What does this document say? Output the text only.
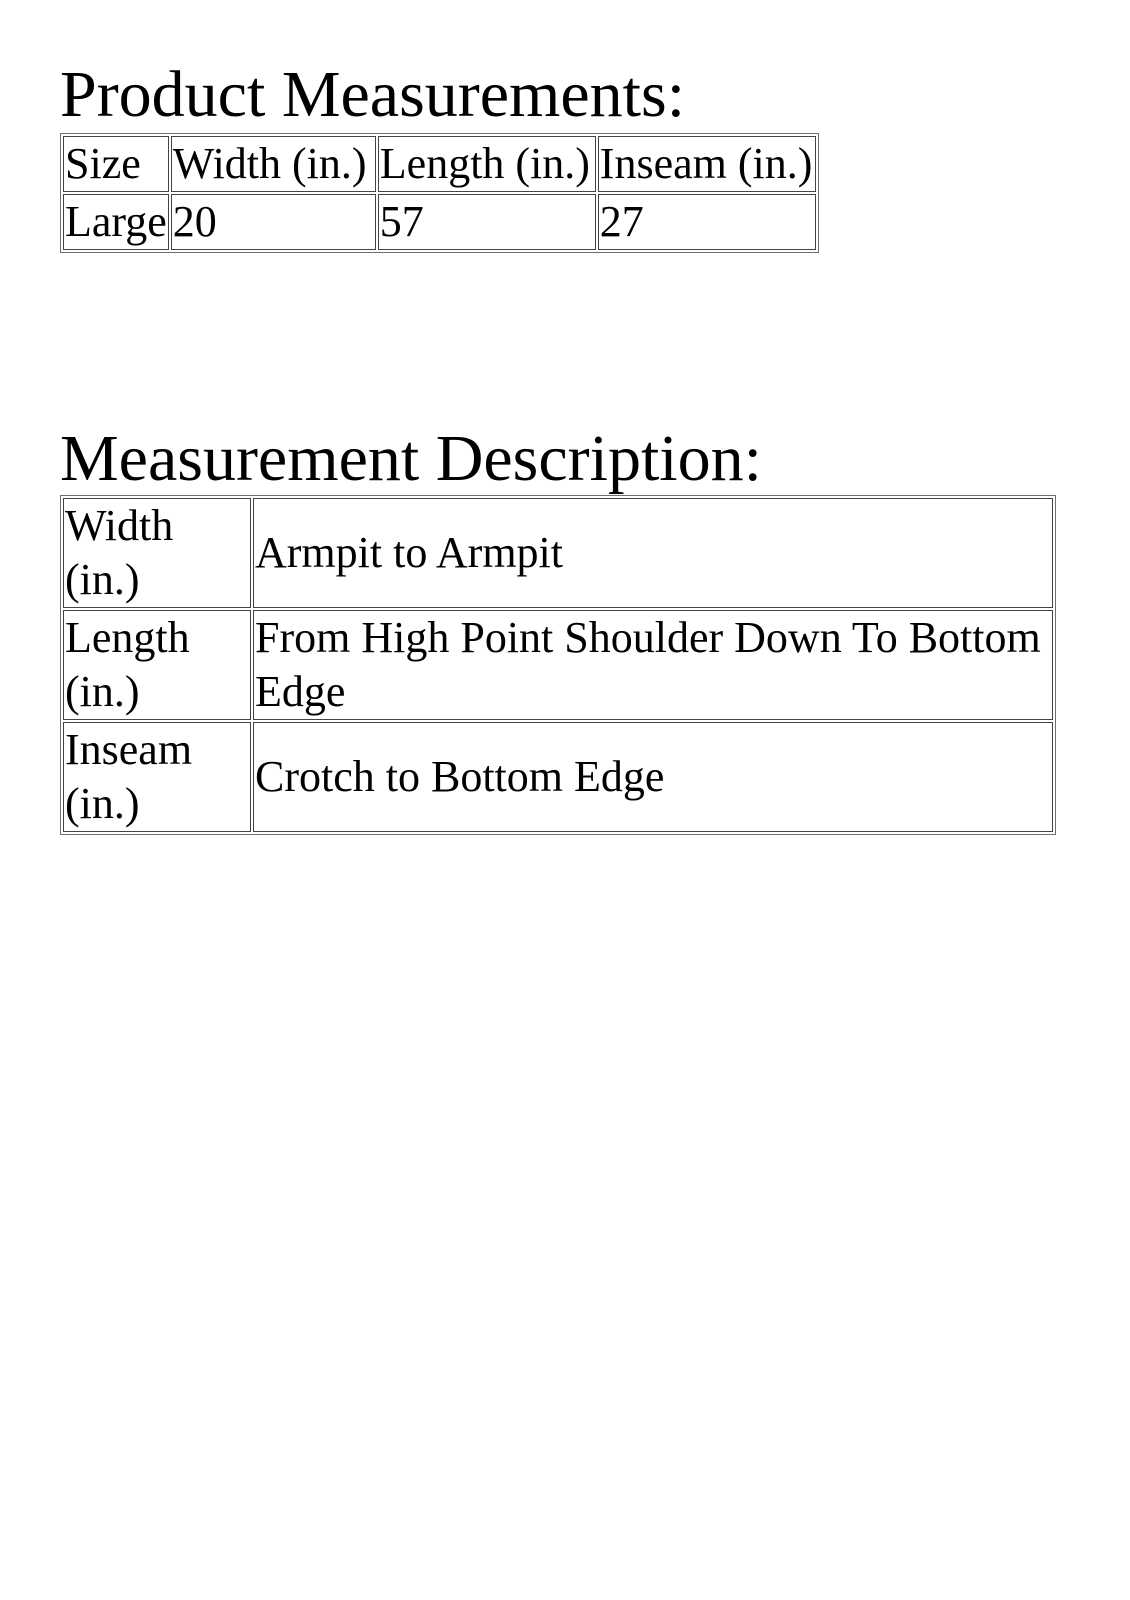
Product Measurements:
Size	Width (in.)	Length (in.)	Inseam (in.)
Large	20	57	27
Measurement Description:
Width (in.)	Armpit to Armpit
Length (in.)	From High Point Shoulder Down To Bottom Edge
Inseam (in.)	Crotch to Bottom Edge
